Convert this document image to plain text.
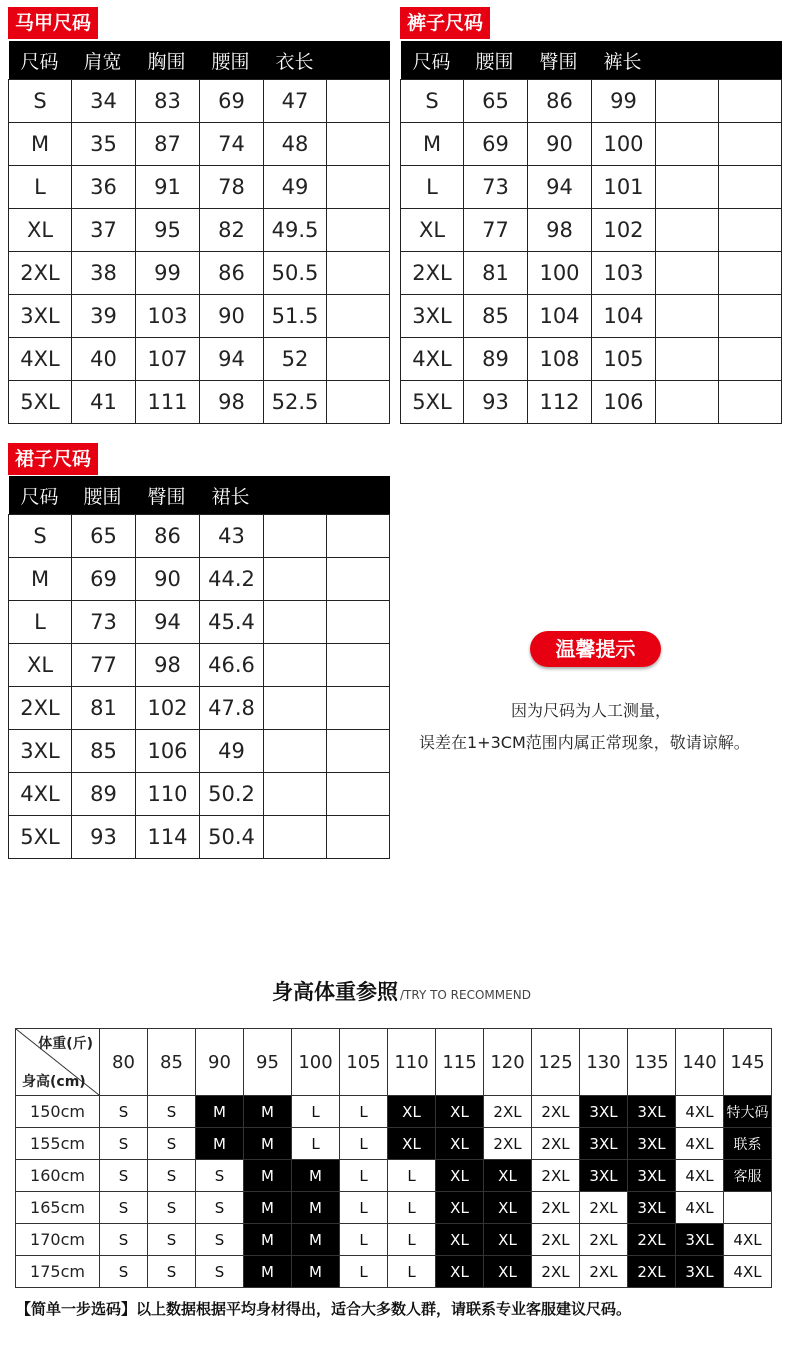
马甲尺码
尺码	肩宽	胸围	腰围	衣长	
S	34	83	69	47	
M	35	87	74	48	
L	36	91	78	49	
XL	37	95	82	49.5	
2XL	38	99	86	50.5	
3XL	39	103	90	51.5	
4XL	40	107	94	52	
5XL	41	111	98	52.5	
裤子尺码
尺码	腰围	臀围	裤长		
S	65	86	99		
M	69	90	100		
L	73	94	101		
XL	77	98	102		
2XL	81	100	103		
3XL	85	104	104		
4XL	89	108	105		
5XL	93	112	106		
裙子尺码
尺码	腰围	臀围	裙长		
S	65	86	43		
M	69	90	44.2		
L	73	94	45.4		
XL	77	98	46.6		
2XL	81	102	47.8		
3XL	85	106	49		
4XL	89	110	50.2		
5XL	93	114	50.4		
温馨提示
因为尺码为人工测量，
误差在1+3CM范围内属正常现象，敬请谅解。
身高体重参照 /TRY TO RECOMMEND
体重(斤)
身高(cm)	80	85	90	95	100	105	110	115	120	125	130	135	140	145
150cm	S	S	M	M	L	L	XL	XL	2XL	2XL	3XL	3XL	4XL	特大码
155cm	S	S	M	M	L	L	XL	XL	2XL	2XL	3XL	3XL	4XL	联系
160cm	S	S	S	M	M	L	L	XL	XL	2XL	3XL	3XL	4XL	客服
165cm	S	S	S	M	M	L	L	XL	XL	2XL	2XL	3XL	4XL	
170cm	S	S	S	M	M	L	L	XL	XL	2XL	2XL	2XL	3XL	4XL
175cm	S	S	S	M	M	L	L	XL	XL	2XL	2XL	2XL	3XL	4XL
【简单一步选码】以上数据根据平均身材得出，适合大多数人群，请联系专业客服建议尺码。
